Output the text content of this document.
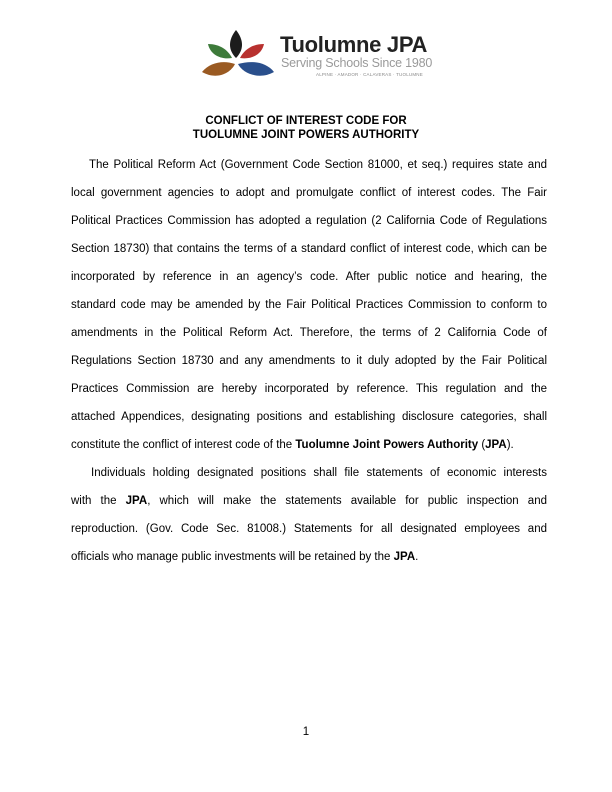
Tuolumne JPA
Serving Schools Since 1980
ALPINE · AMADOR · CALAVERAS · TUOLUMNE
CONFLICT OF INTEREST CODE FOR
TUOLUMNE JOINT POWERS AUTHORITY
The Political Reform Act (Government Code Section 81000, et seq.) requires state and
local government agencies to adopt and promulgate conflict of interest codes. The Fair
Political Practices Commission has adopted a regulation (2 California Code of Regulations
Section 18730) that contains the terms of a standard conflict of interest code, which can be
incorporated by reference in an agency’s code. After public notice and hearing, the
standard code may be amended by the Fair Political Practices Commission to conform to
amendments in the Political Reform Act. Therefore, the terms of 2 California Code of
Regulations Section 18730 and any amendments to it duly adopted by the Fair Political
Practices Commission are hereby incorporated by reference. This regulation and the
attached Appendices, designating positions and establishing disclosure categories, shall
constitute the conflict of interest code of the Tuolumne Joint Powers Authority (JPA).
Individuals holding designated positions shall file statements of economic interests
with the JPA, which will make the statements available for public inspection and
reproduction. (Gov. Code Sec. 81008.) Statements for all designated employees and
officials who manage public investments will be retained by the JPA.
1
